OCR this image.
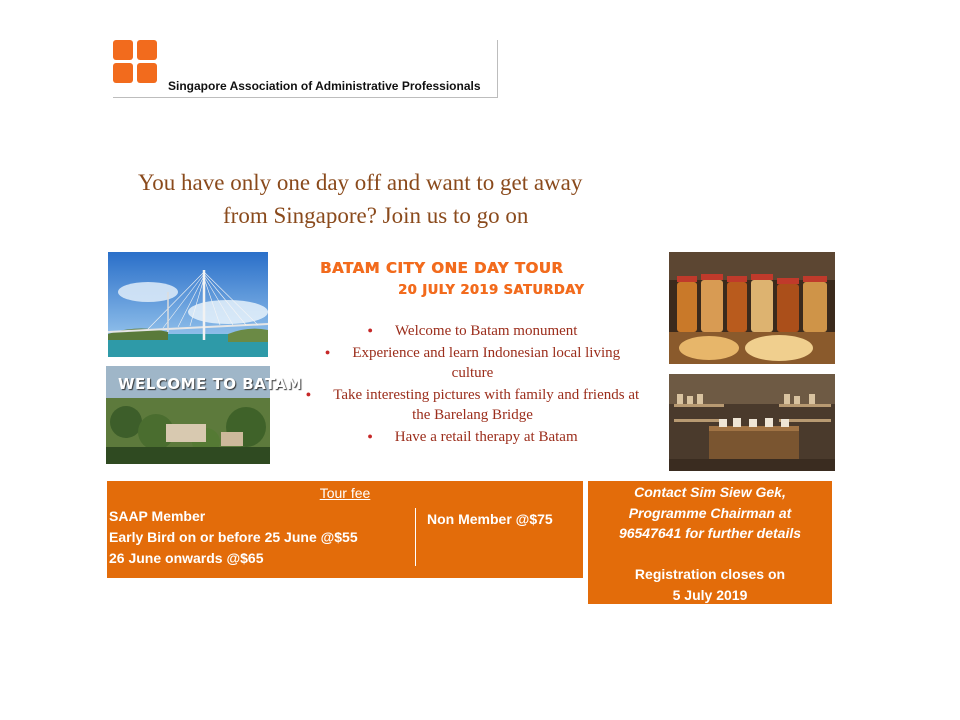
Singapore Association of Administrative Professionals
You have only one day off and want to get away
from Singapore? Join us to go on
BATAM CITY ONE DAY TOUR
20 JULY 2019 SATURDAY
● Welcome to Batam monument
● Experience and learn Indonesian local living culture
● Take interesting pictures with family and friends at the Barelang Bridge
● Have a retail therapy at Batam
WELCOME TO BATAM
Tour fee
SAAP Member
Early Bird on or before 25 June @$55
26 June onwards @$65
Non Member @$75
Contact Sim Siew Gek,
Programme Chairman at
96547641 for further details
Registration closes on
5 July 2019
